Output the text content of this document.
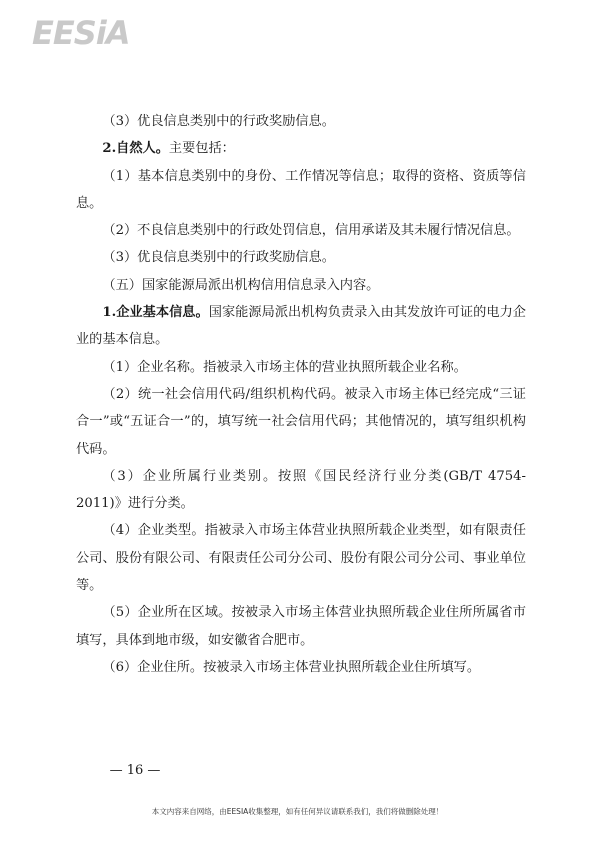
EESiA

（3）优良信息类别中的行政奖励信息。

2.自然人。主要包括：

（1）基本信息类别中的身份、工作情况等信息；取得的资格、资质等信息。

（2）不良信息类别中的行政处罚信息，信用承诺及其未履行情况信息。

（3）优良信息类别中的行政奖励信息。

（五）国家能源局派出机构信用信息录入内容。

1.企业基本信息。国家能源局派出机构负责录入由其发放许可证的电力企业的基本信息。

（1）企业名称。指被录入市场主体的营业执照所载企业名称。

（2）统一社会信用代码/组织机构代码。被录入市场主体已经完成“三证合一”或“五证合一”的，填写统一社会信用代码；其他情况的，填写组织机构代码。

（3）企业所属行业类别。按照《国民经济行业分类(GB/T 4754-2011)》进行分类。

（4）企业类型。指被录入市场主体营业执照所载企业类型，如有限责任公司、股份有限公司、有限责任公司分公司、股份有限公司分公司、事业单位等。

（5）企业所在区域。按被录入市场主体营业执照所载企业住所所属省市填写，具体到地市级，如安徽省合肥市。

（6）企业住所。按被录入市场主体营业执照所载企业住所填写。

— 16 —
本文内容来自网络，由EESIA收集整理，如有任何异议请联系我们，我们将做删除处理！
